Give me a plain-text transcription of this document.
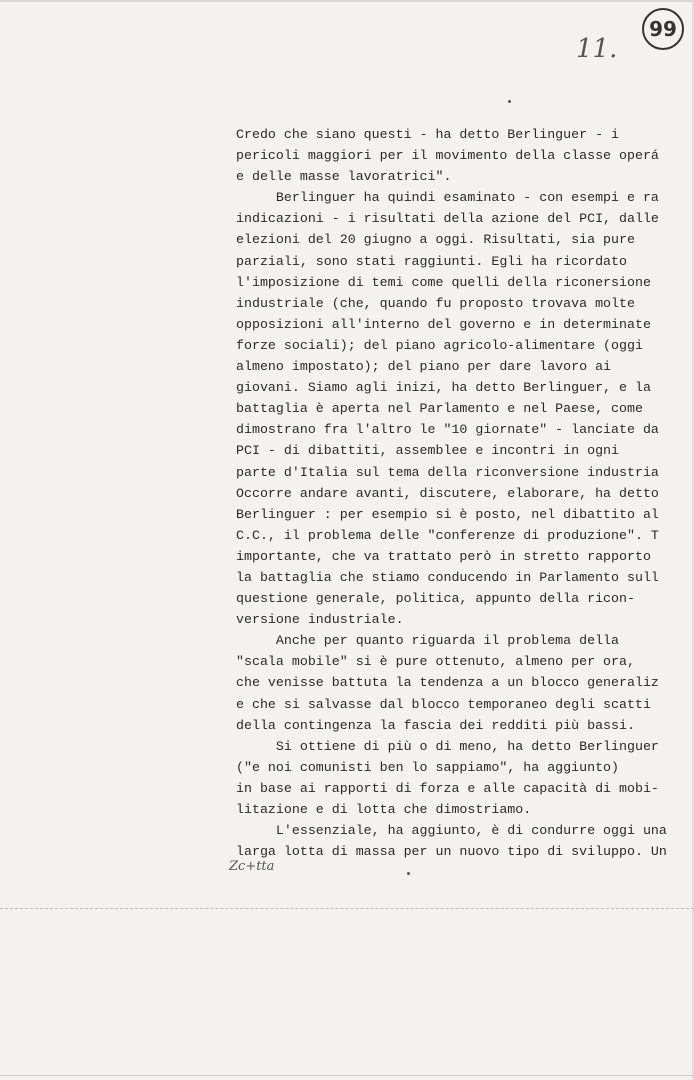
99
11.
Credo che siano questi - ha detto Berlinguer - i
pericoli maggiori per il movimento della classe operá
e delle masse lavoratrici".
Berlinguer ha quindi esaminato - con esempi e ra
indicazioni - i risultati della azione del PCI, dalle
elezioni del 20 giugno a oggi. Risultati, sia pure
parziali, sono stati raggiunti. Egli ha ricordato
l'imposizione di temi come quelli della riconersione
industriale (che, quando fu proposto trovava molte
opposizioni all'interno del governo e in determinate
forze sociali); del piano agricolo-alimentare (oggi
almeno impostato); del piano per dare lavoro ai
giovani. Siamo agli inizi, ha detto Berlinguer, e la
battaglia è aperta nel Parlamento e nel Paese, come
dimostrano fra l'altro le "10 giornate" - lanciate da
PCI - di dibattiti, assemblee e incontri in ogni
parte d'Italia sul tema della riconversione industria
Occorre andare avanti, discutere, elaborare, ha detto
Berlinguer : per esempio si è posto, nel dibattito al
C.C., il problema delle "conferenze di produzione". T
importante, che va trattato però in stretto rapporto
la battaglia che stiamo conducendo in Parlamento sull
questione generale, politica, appunto della ricon-
versione industriale.
Anche per quanto riguarda il problema della
"scala mobile" si è pure ottenuto, almeno per ora,
che venisse battuta la tendenza a un blocco generaliz
e che si salvasse dal blocco temporaneo degli scatti
della contingenza la fascia dei redditi più bassi.
Si ottiene di più o di meno, ha detto Berlinguer
("e noi comunisti ben lo sappiamo", ha aggiunto)
in base ai rapporti di forza e alle capacità di mobi-
litazione e di lotta che dimostriamo.
L'essenziale, ha aggiunto, è di condurre oggi una
larga lotta di massa per un nuovo tipo di sviluppo. Un
Zc+tta
